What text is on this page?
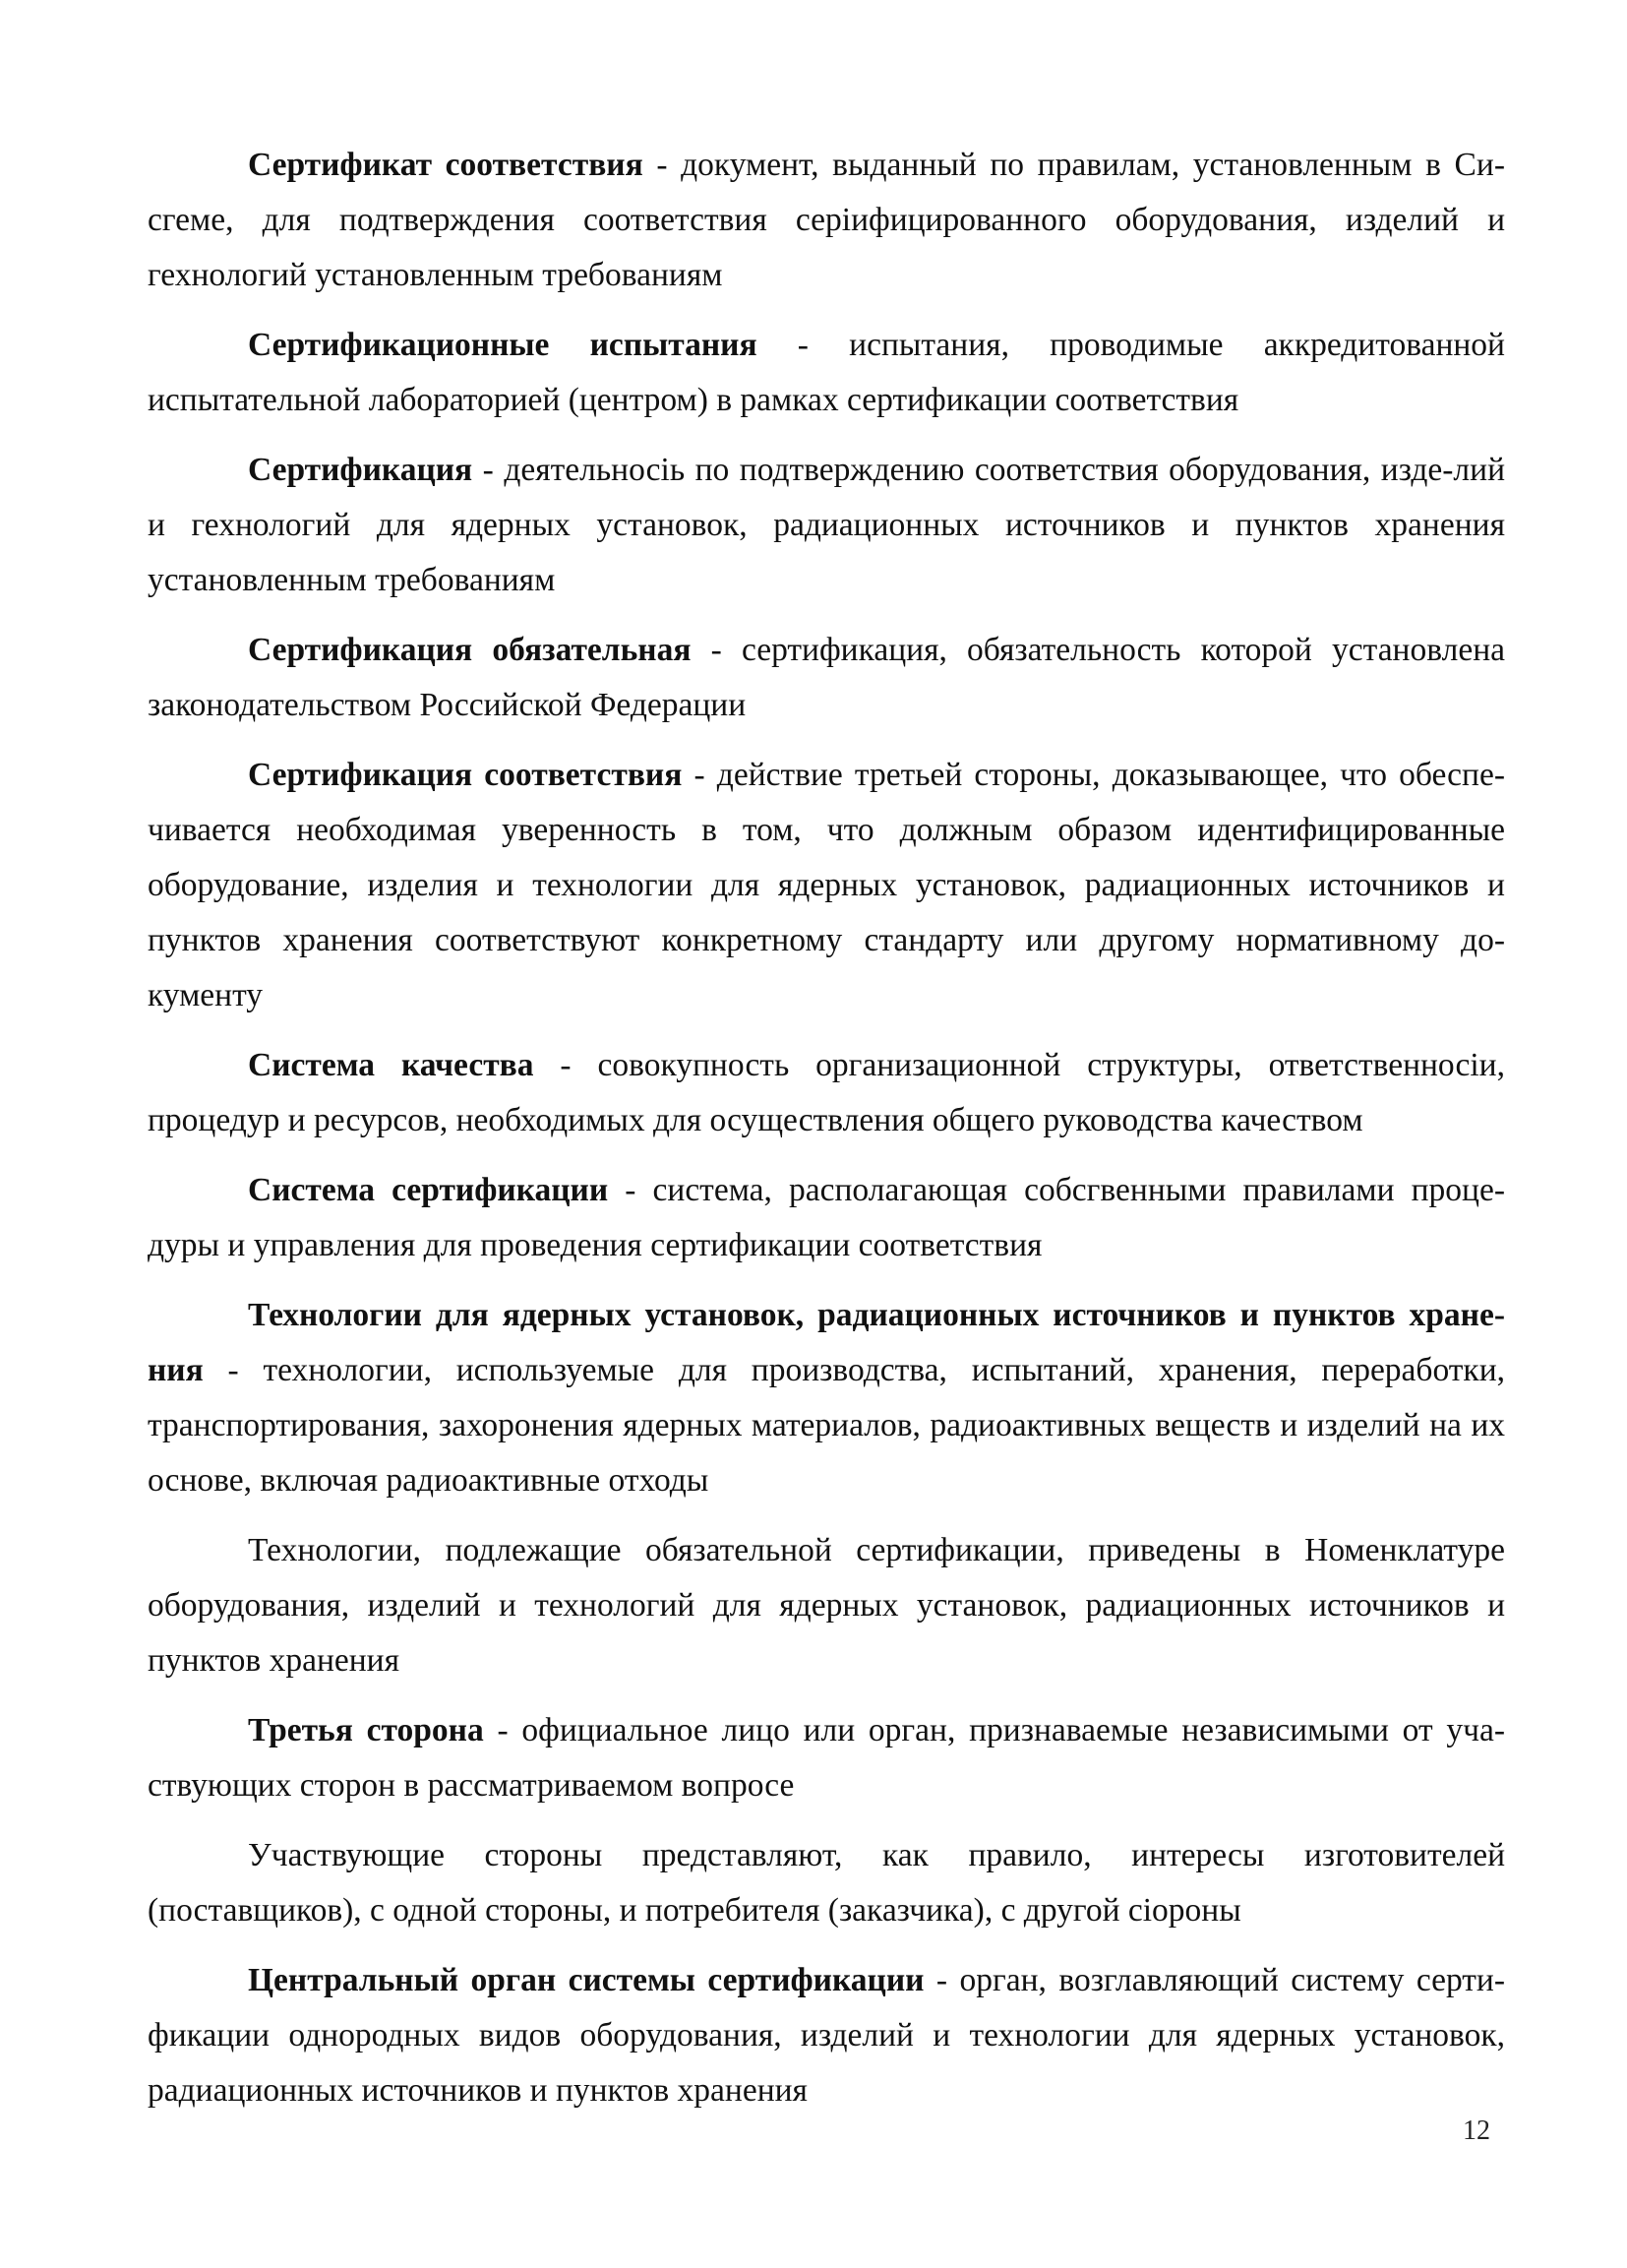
Сертификат соответствия - документ, выданный по правилам, установленным в Си-сгеме, для подтверждения соответствия серiифицированного оборудования, изделий и гехнологий установленным требованиям

Сертификационные испытания - испытания, проводимые аккредитованной испытательной лабораторией (центром) в рамках сертификации соответствия

Сертификация - деятельносiь по подтверждению соответствия оборудования, изде-лий и гехнологий для ядерных установок, радиационных источников и пунктов хранения установленным требованиям

Сертификация обязательная - сертификация, обязательность которой установлена законодательством Российской Федерации

Сертификация соответствия - действие третьей стороны, доказывающее, что обеспе-чивается необходимая уверенность в том, что должным образом идентифицированные оборудование, изделия и технологии для ядерных установок, радиационных источников и пунктов хранения соответствуют конкретному стандарту или другому нормативному до-кументу

Система качества - совокупность организационной структуры, ответственносiи, процедур и ресурсов, необходимых для осуществления общего руководства качеством

Система сертификации - система, располагающая собсгвенными правилами проце-дуры и управления для проведения сертификации соответствия

Технологии для ядерных установок, радиационных источников и пунктов хране-ния - технологии, используемые для производства, испытаний, хранения, переработки, транспортирования, захоронения ядерных материалов, радиоактивных веществ и изделий на их основе, включая радиоактивные отходы

Технологии, подлежащие обязательной сертификации, приведены в Номенклатуре оборудования, изделий и технологий для ядерных установок, радиационных источников и пунктов хранения

Третья сторона - официальное лицо или орган, признаваемые независимыми от уча-ствующих сторон в рассматриваемом вопросе

Участвующие стороны представляют, как правило, интересы изготовителей (поставщиков), с одной стороны, и потребителя (заказчика), с другой сiороны

Центральный орган системы сертификации - орган, возглавляющий систему серти-фикации однородных видов оборудования, изделий и технологии для ядерных установок, радиационных источников и пунктов хранения

12
